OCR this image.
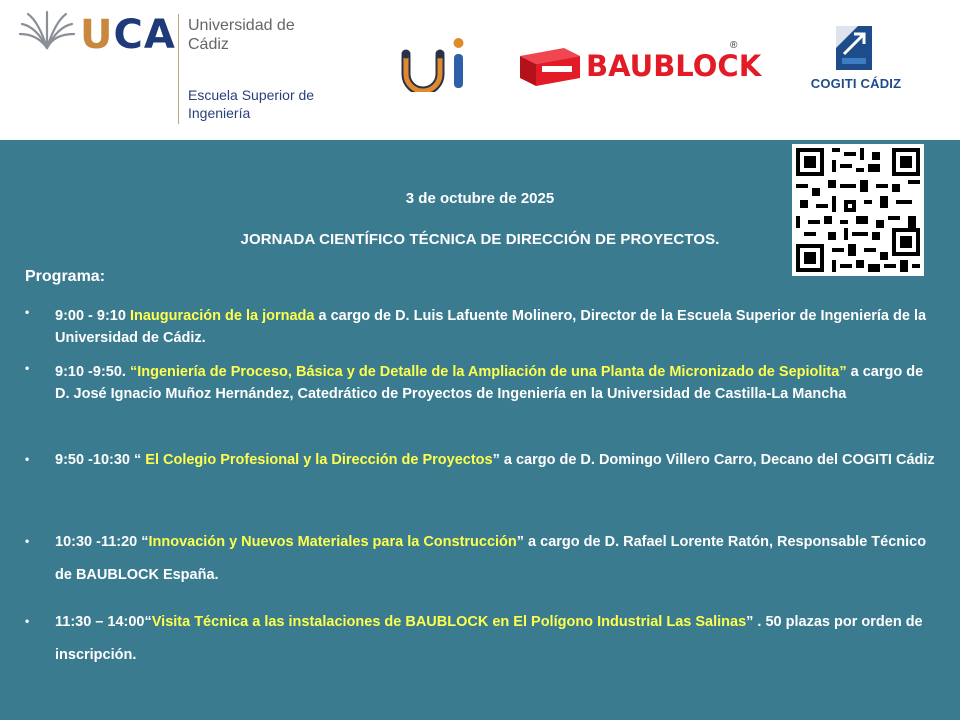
UCA Universidad de Cádiz
Escuela Superior de Ingeniería
BAUBLOCK
®
COGITI CÁDIZ
3 de octubre de 2025
JORNADA CIENTÍFICO TÉCNICA DE DIRECCIÓN DE PROYECTOS.
Programa:
• 9:00 - 9:10 Inauguración de la jornada a cargo de D. Luis Lafuente Molinero, Director de la Escuela Superior de Ingeniería de la Universidad de Cádiz.
• 9:10 -9:50. “Ingeniería de Proceso, Básica y de Detalle de la Ampliación de una Planta de Micronizado de Sepiolita” a cargo de D. José Ignacio Muñoz Hernández, Catedrático de Proyectos de Ingeniería en la Universidad de Castilla-La Mancha
• 9:50 -10:30 “ El Colegio Profesional y la Dirección de Proyectos” a cargo de D. Domingo Villero Carro, Decano del COGITI Cádiz
• 10:30 -11:20 “Innovación y Nuevos Materiales para la Construcción” a cargo de D. Rafael Lorente Ratón, Responsable Técnico de BAUBLOCK España.
• 11:30 – 14:00“Visita Técnica a las instalaciones de BAUBLOCK en El Polígono Industrial Las Salinas” . 50 plazas por orden de inscripción.
